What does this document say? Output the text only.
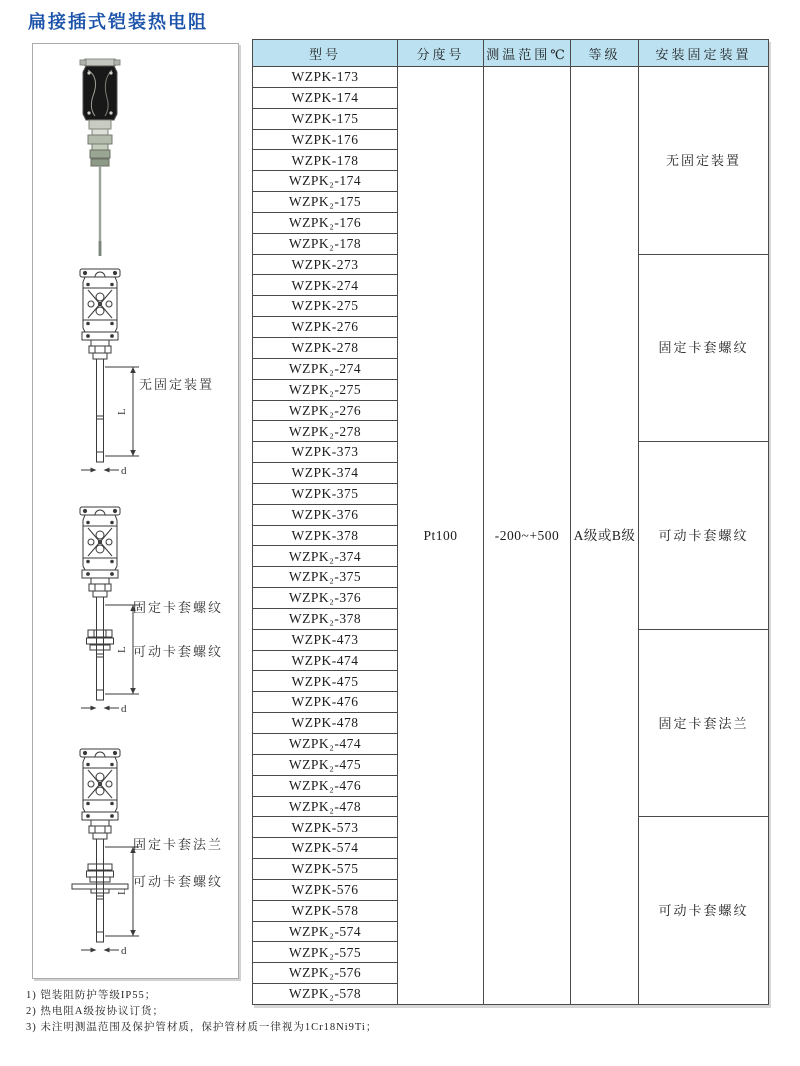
扁接插式铠装热电阻
L
d
L
d
L
d
无固定装置
固定卡套螺纹
可动卡套螺纹
固定卡套法兰
可动卡套螺纹
型号	分度号	测温范围℃	等级	安装固定装置
WZPK-173	Pt100	-200~+500	A级或B级	无固定装置
WZPK-174				
WZPK-175				
WZPK-176				
WZPK-178				
WZPK₂-174				
WZPK₂-175				
WZPK₂-176				
WZPK₂-178				
WZPK-273				固定卡套螺纹
WZPK-274				
WZPK-275				
WZPK-276				
WZPK-278				
WZPK₂-274				
WZPK₂-275				
WZPK₂-276				
WZPK₂-278				
WZPK-373				可动卡套螺纹
WZPK-374				
WZPK-375				
WZPK-376				
WZPK-378				
WZPK₂-374				
WZPK₂-375				
WZPK₂-376				
WZPK₂-378				
WZPK-473				固定卡套法兰
WZPK-474				
WZPK-475				
WZPK-476				
WZPK-478				
WZPK₂-474				
WZPK₂-475				
WZPK₂-476				
WZPK₂-478				
WZPK-573				可动卡套螺纹
WZPK-574				
WZPK-575				
WZPK-576				
WZPK-578				
WZPK₂-574				
WZPK₂-575				
WZPK₂-576				
WZPK₂-578				
1) 铠装阻防护等级IP55；
2) 热电阻A级按协议订货；
3) 未注明测温范围及保护管材质，保护管材质一律视为1Cr18Ni9Ti；
